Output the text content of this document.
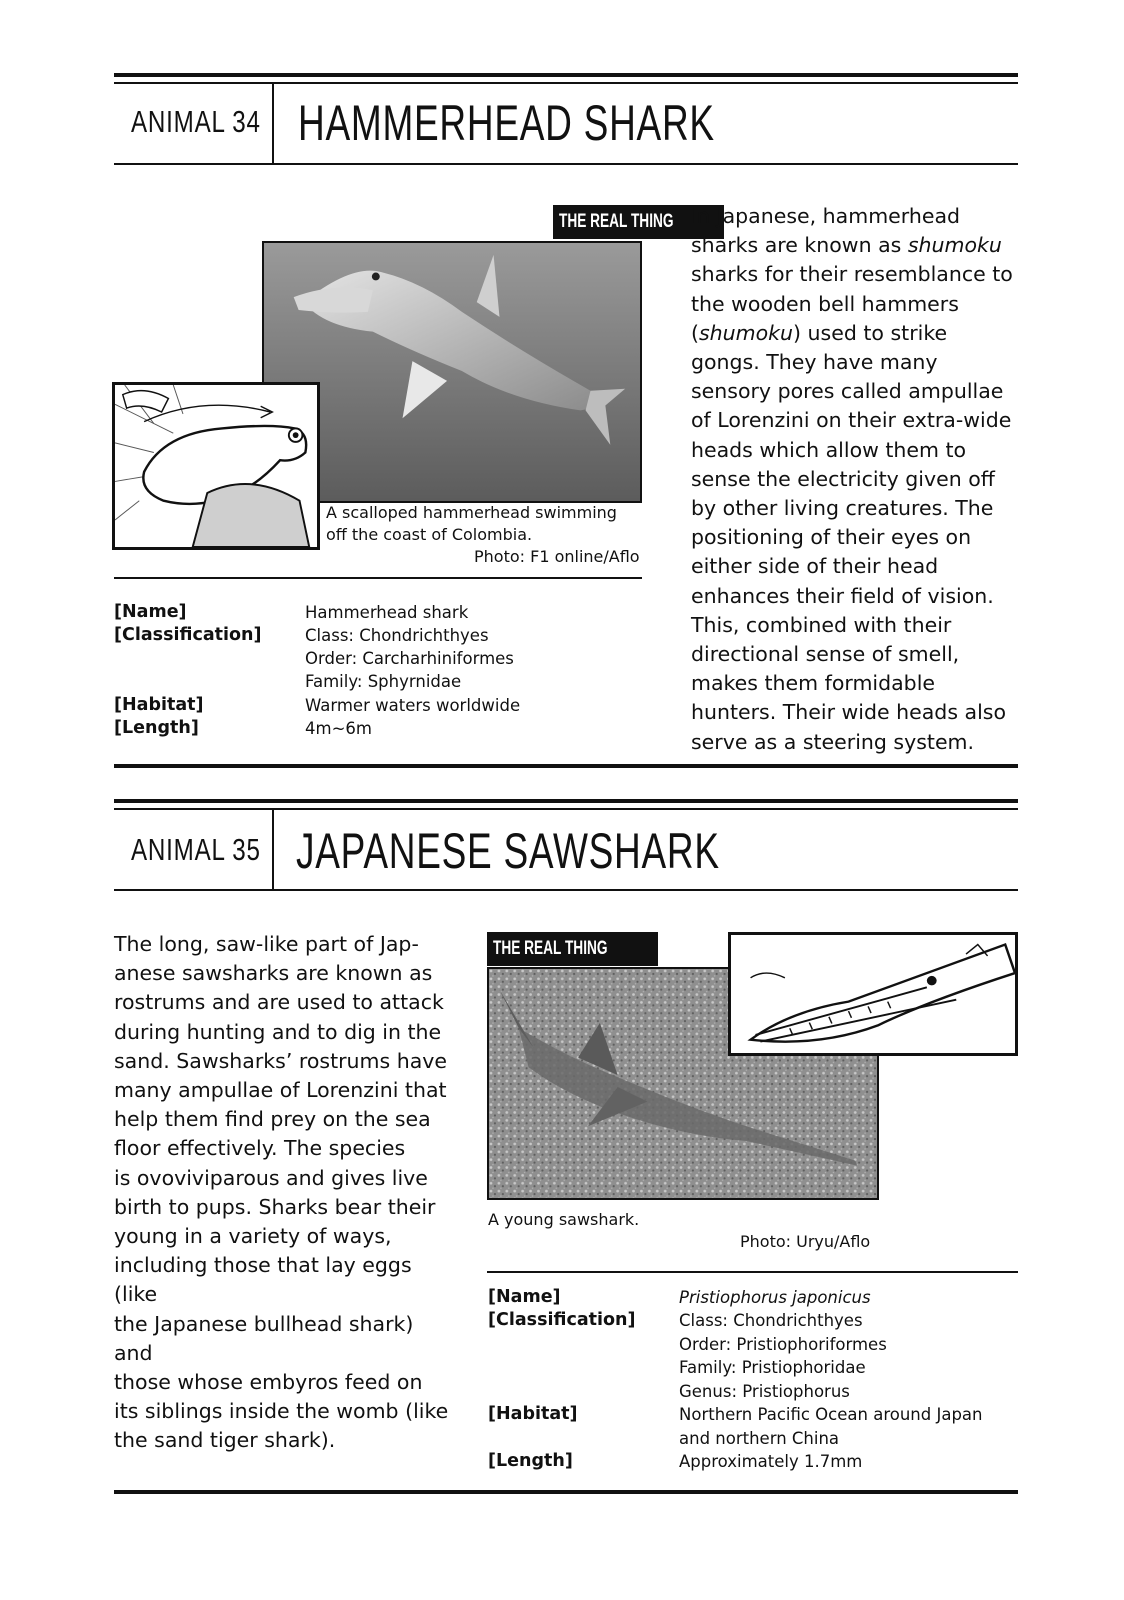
ANIMAL 34 HAMMERHEAD SHARK
THE REAL THING
A scalloped hammerhead swimming off the coast of Colombia.
Photo: F1 online/Aflo
[Name]
[Classification]
[Habitat]
[Length]
Hammerhead shark
Class: Chondrichthyes
Order: Carcharhiniformes
Family: Sphyrnidae
Warmer waters worldwide
4m~6m

In Japanese, hammerhead sharks are known as shumoku sharks for their resemblance to the wooden bell hammers (shumoku) used to strike gongs. They have many sensory pores called ampullae of Lorenzini on their extra-wide heads which allow them to sense the electricity given off by other living creatures. The positioning of their eyes on either side of their head enhances their field of vision. This, combined with their directional sense of smell, makes them formidable hunters. Their wide heads also serve as a steering system.

ANIMAL 35 JAPANESE SAWSHARK

The long, saw-like part of Jap-

anese sawsharks are known as

rostrums and are used to attack

during hunting and to dig in the

sand. Sawsharks’ rostrums have

many ampullae of Lorenzini that

help them find prey on the sea

floor effectively. The species

is ovoviviparous and gives live

birth to pups. Sharks bear their

young in a variety of ways,

including those that lay eggs (like

the Japanese bullhead shark) and

those whose embyros feed on

its siblings inside the womb (like

the sand tiger shark).

THE REAL THING
A young sawshark.
Photo: Uryu/Aflo
[Name]
[Classification]
[Habitat]
[Length]
Pristiophorus japonicus
Class: Chondrichthyes
Order: Pristiophoriformes
Family: Pristiophoridae
Genus: Pristiophorus
Northern Pacific Ocean around Japan
and northern China
Approximately 1.7mm
